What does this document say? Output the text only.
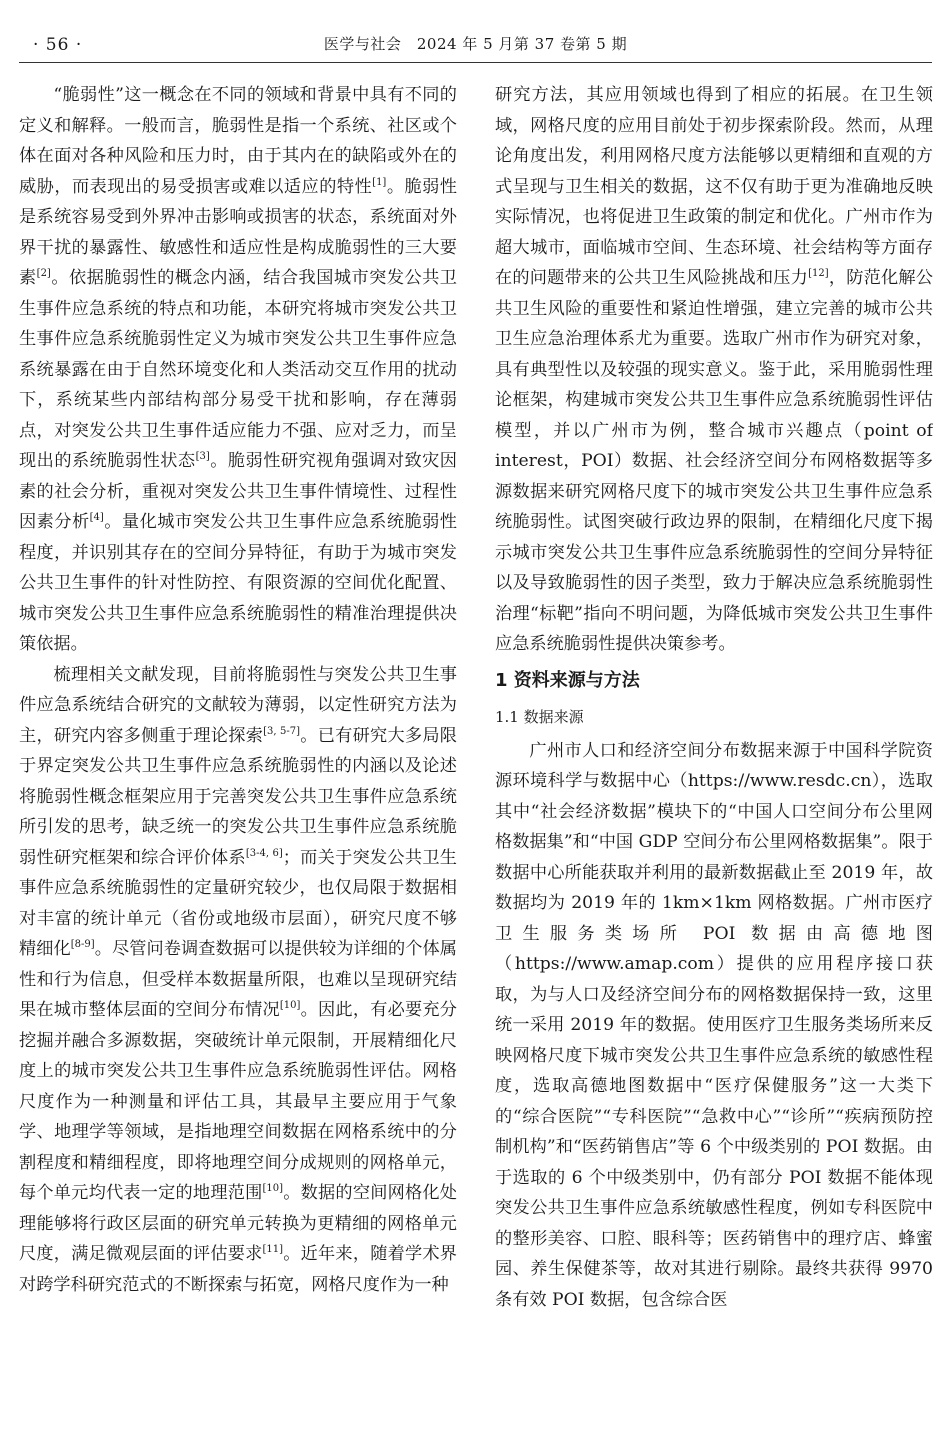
· 56 ·	医学与社会　2024 年 5 月第 37 卷第 5 期

“脆弱性”这一概念在不同的领域和背景中具有不同的定义和解释。一般而言，脆弱性是指一个系统、社区或个体在面对各种风险和压力时，由于其内在的缺陷或外在的威胁，而表现出的易受损害或难以适应的特性[1]。脆弱性是系统容易受到外界冲击影响或损害的状态，系统面对外界干扰的暴露性、敏感性和适应性是构成脆弱性的三大要素[2]。依据脆弱性的概念内涵，结合我国城市突发公共卫生事件应急系统的特点和功能，本研究将城市突发公共卫生事件应急系统脆弱性定义为城市突发公共卫生事件应急系统暴露在由于自然环境变化和人类活动交互作用的扰动下，系统某些内部结构部分易受干扰和影响，存在薄弱点，对突发公共卫生事件适应能力不强、应对乏力，而呈现出的系统脆弱性状态[3]。脆弱性研究视角强调对致灾因素的社会分析，重视对突发公共卫生事件情境性、过程性因素分析[4]。量化城市突发公共卫生事件应急系统脆弱性程度，并识别其存在的空间分异特征，有助于为城市突发公共卫生事件的针对性防控、有限资源的空间优化配置、城市突发公共卫生事件应急系统脆弱性的精准治理提供决策依据。

梳理相关文献发现，目前将脆弱性与突发公共卫生事件应急系统结合研究的文献较为薄弱，以定性研究方法为主，研究内容多侧重于理论探索[3, 5-7]。已有研究大多局限于界定突发公共卫生事件应急系统脆弱性的内涵以及论述将脆弱性概念框架应用于完善突发公共卫生事件应急系统所引发的思考，缺乏统一的突发公共卫生事件应急系统脆弱性研究框架和综合评价体系[3-4, 6]；而关于突发公共卫生事件应急系统脆弱性的定量研究较少，也仅局限于数据相对丰富的统计单元（省份或地级市层面），研究尺度不够精细化[8-9]。尽管问卷调查数据可以提供较为详细的个体属性和行为信息，但受样本数据量所限，也难以呈现研究结果在城市整体层面的空间分布情况[10]。因此，有必要充分挖掘并融合多源数据，突破统计单元限制，开展精细化尺度上的城市突发公共卫生事件应急系统脆弱性评估。网格尺度作为一种测量和评估工具，其最早主要应用于气象学、地理学等领域，是指地理空间数据在网格系统中的分割程度和精细程度，即将地理空间分成规则的网格单元，每个单元均代表一定的地理范围[10]。数据的空间网格化处理能够将行政区层面的研究单元转换为更精细的网格单元尺度，满足微观层面的评估要求[11]。近年来，随着学术界对跨学科研究范式的不断探索与拓宽，网格尺度作为一种

研究方法，其应用领域也得到了相应的拓展。在卫生领域，网格尺度的应用目前处于初步探索阶段。然而，从理论角度出发，利用网格尺度方法能够以更精细和直观的方式呈现与卫生相关的数据，这不仅有助于更为准确地反映实际情况，也将促进卫生政策的制定和优化。广州市作为超大城市，面临城市空间、生态环境、社会结构等方面存在的问题带来的公共卫生风险挑战和压力[12]，防范化解公共卫生风险的重要性和紧迫性增强，建立完善的城市公共卫生应急治理体系尤为重要。选取广州市作为研究对象，具有典型性以及较强的现实意义。鉴于此，采用脆弱性理论框架，构建城市突发公共卫生事件应急系统脆弱性评估模型，并以广州市为例，整合城市兴趣点（point of interest，POI）数据、社会经济空间分布网格数据等多源数据来研究网格尺度下的城市突发公共卫生事件应急系统脆弱性。试图突破行政边界的限制，在精细化尺度下揭示城市突发公共卫生事件应急系统脆弱性的空间分异特征以及导致脆弱性的因子类型，致力于解决应急系统脆弱性治理“标靶”指向不明问题，为降低城市突发公共卫生事件应急系统脆弱性提供决策参考。

1 资料来源与方法
1.1 数据来源

广州市人口和经济空间分布数据来源于中国科学院资源环境科学与数据中心（https://www.resdc.cn），选取其中“社会经济数据”模块下的“中国人口空间分布公里网格数据集”和“中国 GDP 空间分布公里网格数据集”。限于数据中心所能获取并利用的最新数据截止至 2019 年，故数据均为 2019 年的 1km×1km 网格数据。广州市医疗卫生服务类场所 POI 数据由高德地图（https://www.amap.com）提供的应用程序接口获取，为与人口及经济空间分布的网格数据保持一致，这里统一采用 2019 年的数据。使用医疗卫生服务类场所来反映网格尺度下城市突发公共卫生事件应急系统的敏感性程度，选取高德地图数据中“医疗保健服务”这一大类下的“综合医院”“专科医院”“急救中心”“诊所”“疾病预防控制机构”和“医药销售店”等 6 个中级类别的 POI 数据。由于选取的 6 个中级类别中，仍有部分 POI 数据不能体现突发公共卫生事件应急系统敏感性程度，例如专科医院中的整形美容、口腔、眼科等；医药销售中的理疗店、蜂蜜园、养生保健茶等，故对其进行剔除。最终共获得 9970 条有效 POI 数据，包含综合医
